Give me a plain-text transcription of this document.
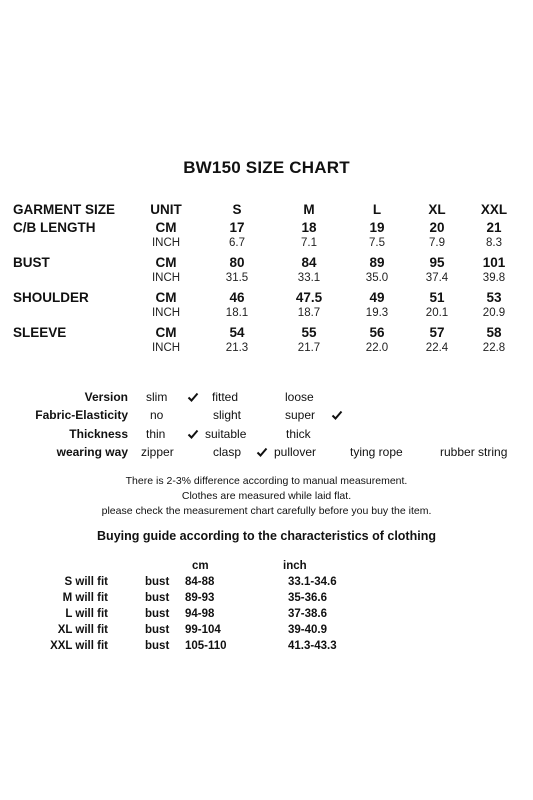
BW150 SIZE CHART
GARMENT SIZE	UNIT	S	M	L	XL	XXL
C/B LENGTH	CM	17	18	19	20	21
INCH	6.7	7.1	7.5	7.9	8.3
BUST	CM	80	84	89	95	101
INCH	31.5	33.1	35.0	37.4	39.8
SHOULDER	CM	46	47.5	49	51	53
INCH	18.1	18.7	19.3	20.1	20.9
SLEEVE	CM	54	55	56	57	58
INCH	21.3	21.7	22.0	22.4	22.8
Version slim	fitted	loose
Fabric-Elasticity no	slight	super
Thickness thin	suitable	thick
wearing way zipper	clasp	pullover	tying rope	rubber string
There is 2-3% difference according to manual measurement.
Clothes are measured while laid flat.
please check the measurement chart carefully before you buy the item.
Buying guide according to the characteristics of clothing
cm	inch
S will fit	bust 84-88	33.1-34.6
M will fit	bust 89-93	35-36.6
L will fit	bust 94-98	37-38.6
XL will fit	bust 99-104	39-40.9
XXL will fit	bust 105-110	41.3-43.3
